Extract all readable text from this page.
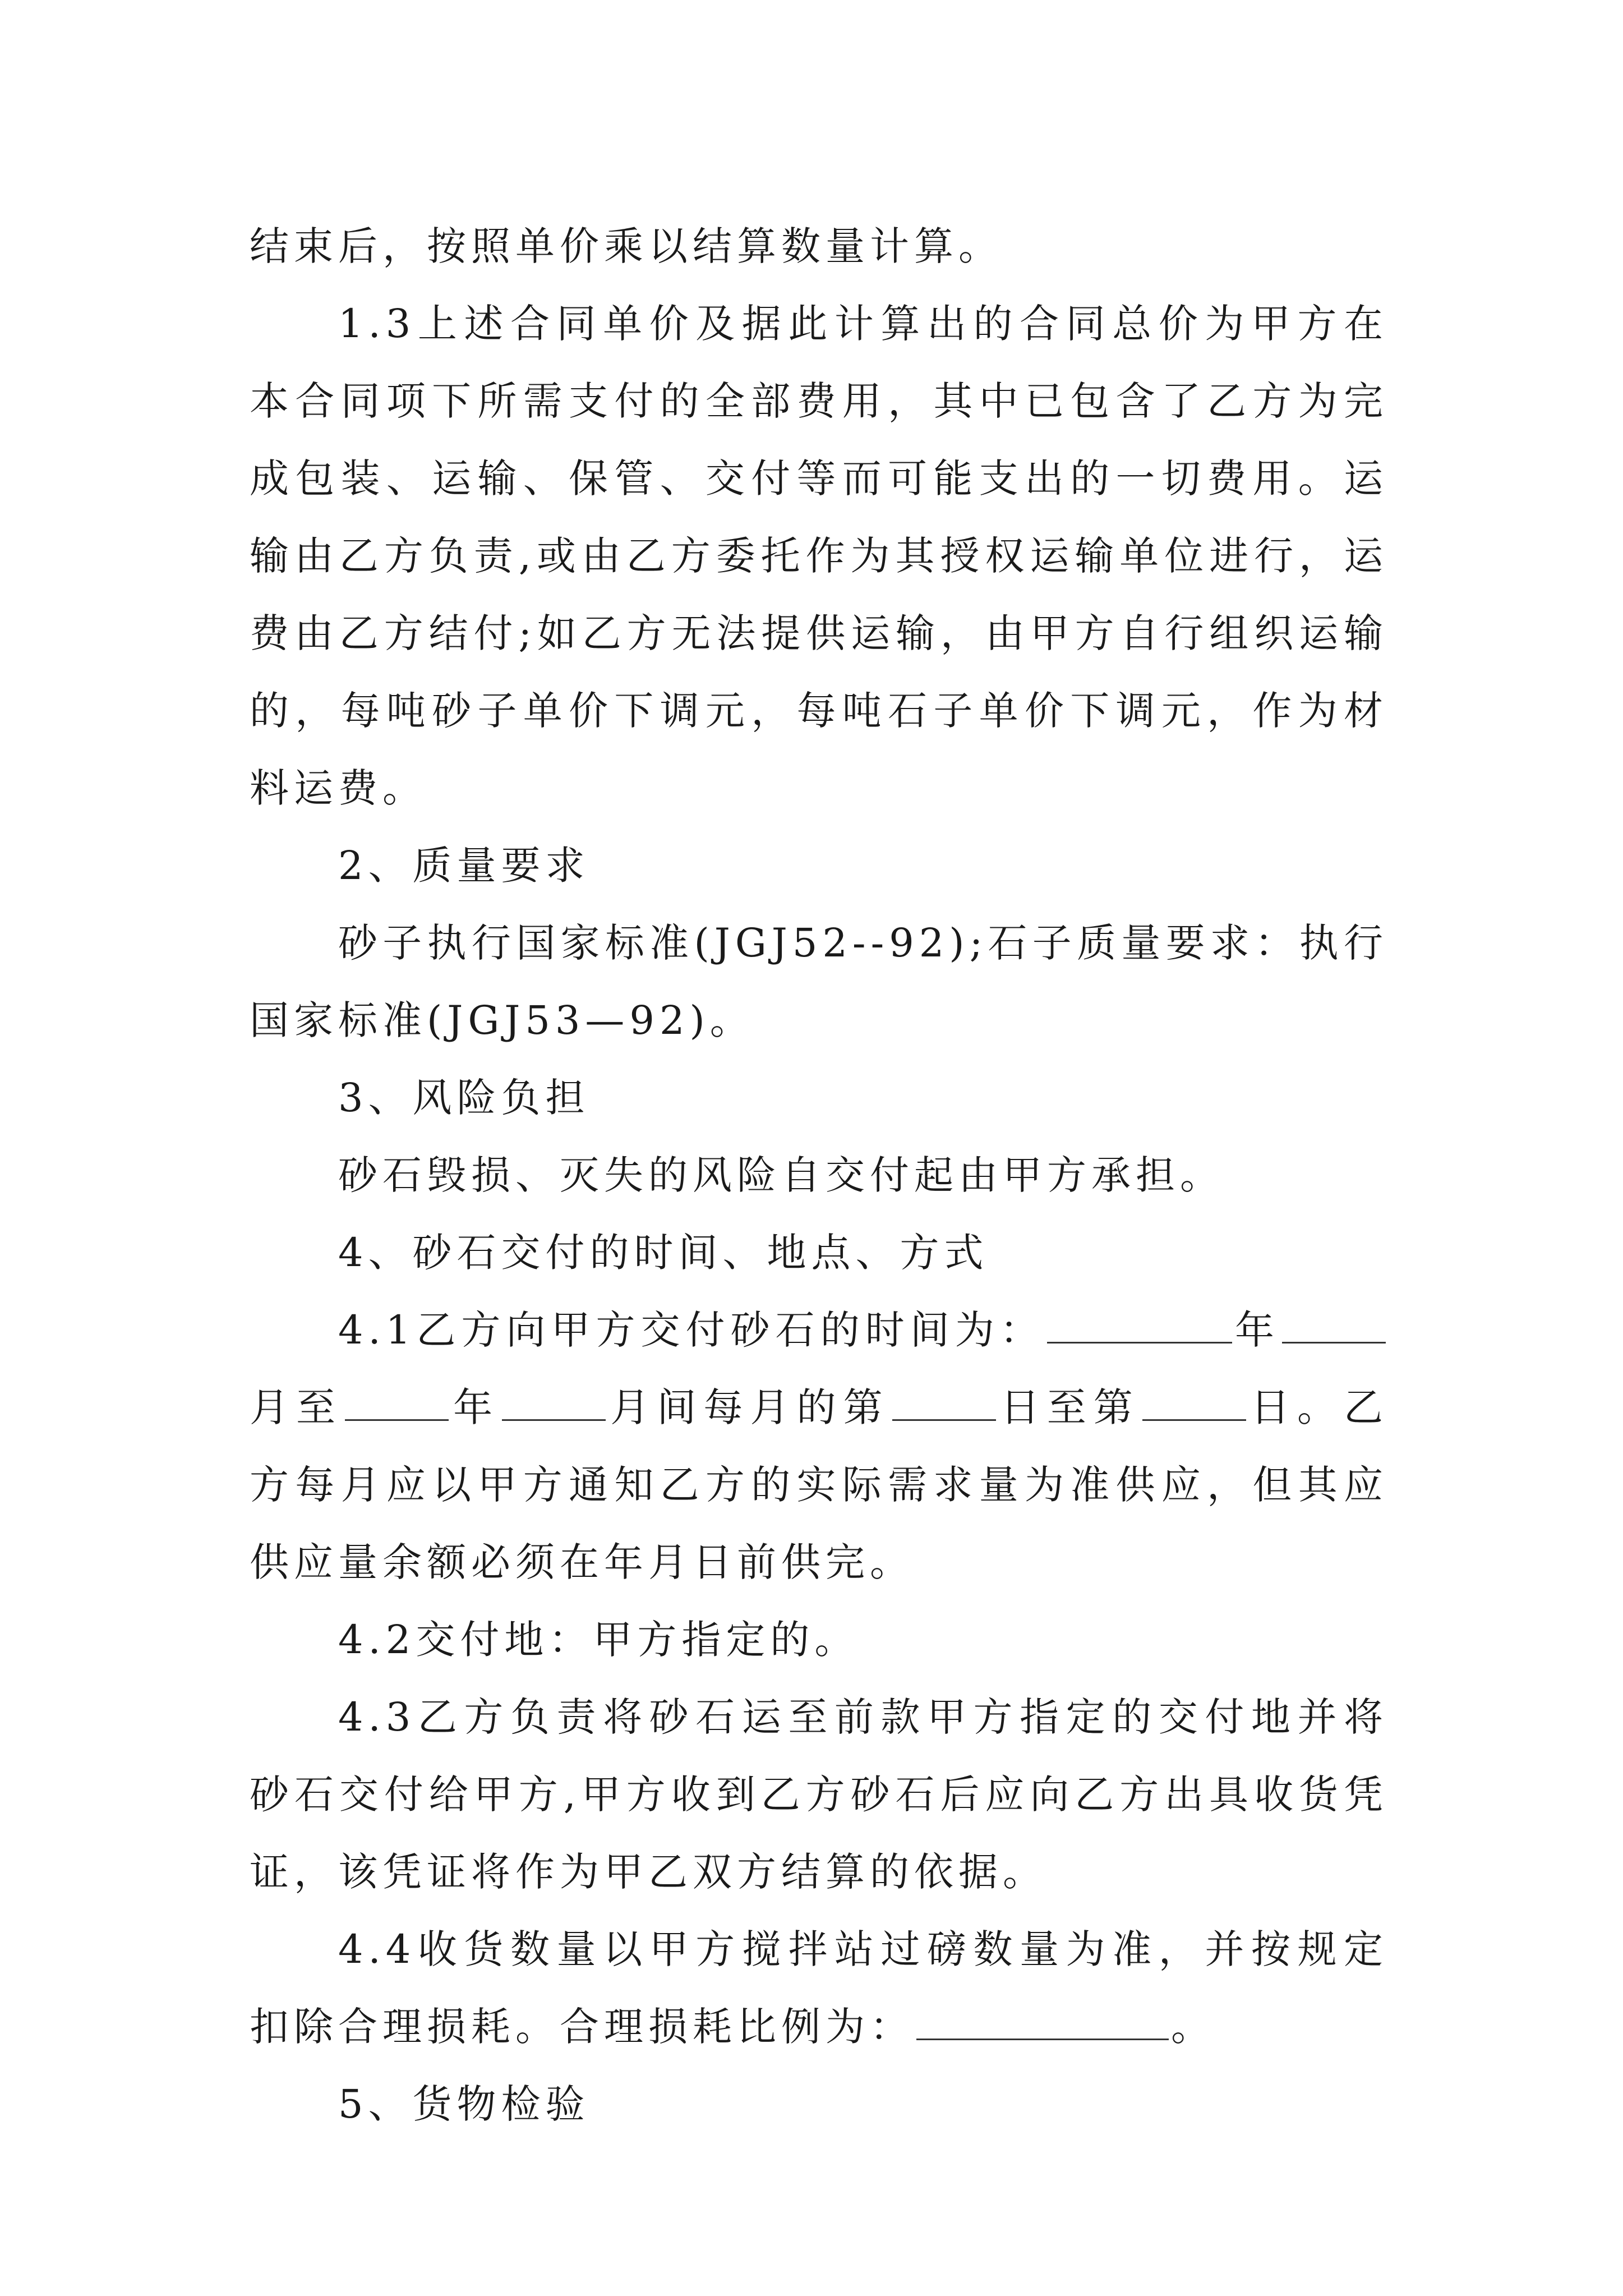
结束后，按照单价乘以结算数量计算。

1.3上述合同单价及据此计算出的合同总价为甲方在本合同项下所需支付的全部费用，其中已包含了乙方为完成包装、运输、保管、交付等而可能支出的一切费用。运输由乙方负责,或由乙方委托作为其授权运输单位进行，运费由乙方结付;如乙方无法提供运输，由甲方自行组织运输的，每吨砂子单价下调元，每吨石子单价下调元，作为材料运费。

2、质量要求

砂子执行国家标准(JGJ52--92);石子质量要求：执行国家标准(JGJ53—92)。

3、风险负担

砂石毁损、灭失的风险自交付起由甲方承担。

4、砂石交付的时间、地点、方式

4.1乙方向甲方交付砂石的时间为：	年月至	年	月间每月的第	日至第	日。乙方每月应以甲方通知乙方的实际需求量为准供应，但其应供应量余额必须在年月日前供完。

4.2交付地：甲方指定的。

4.3乙方负责将砂石运至前款甲方指定的交付地并将砂石交付给甲方,甲方收到乙方砂石后应向乙方出具收货凭证，该凭证将作为甲乙双方结算的依据。

4.4收货数量以甲方搅拌站过磅数量为准，并按规定扣除合理损耗。合理损耗比例为：	。

5、货物检验
